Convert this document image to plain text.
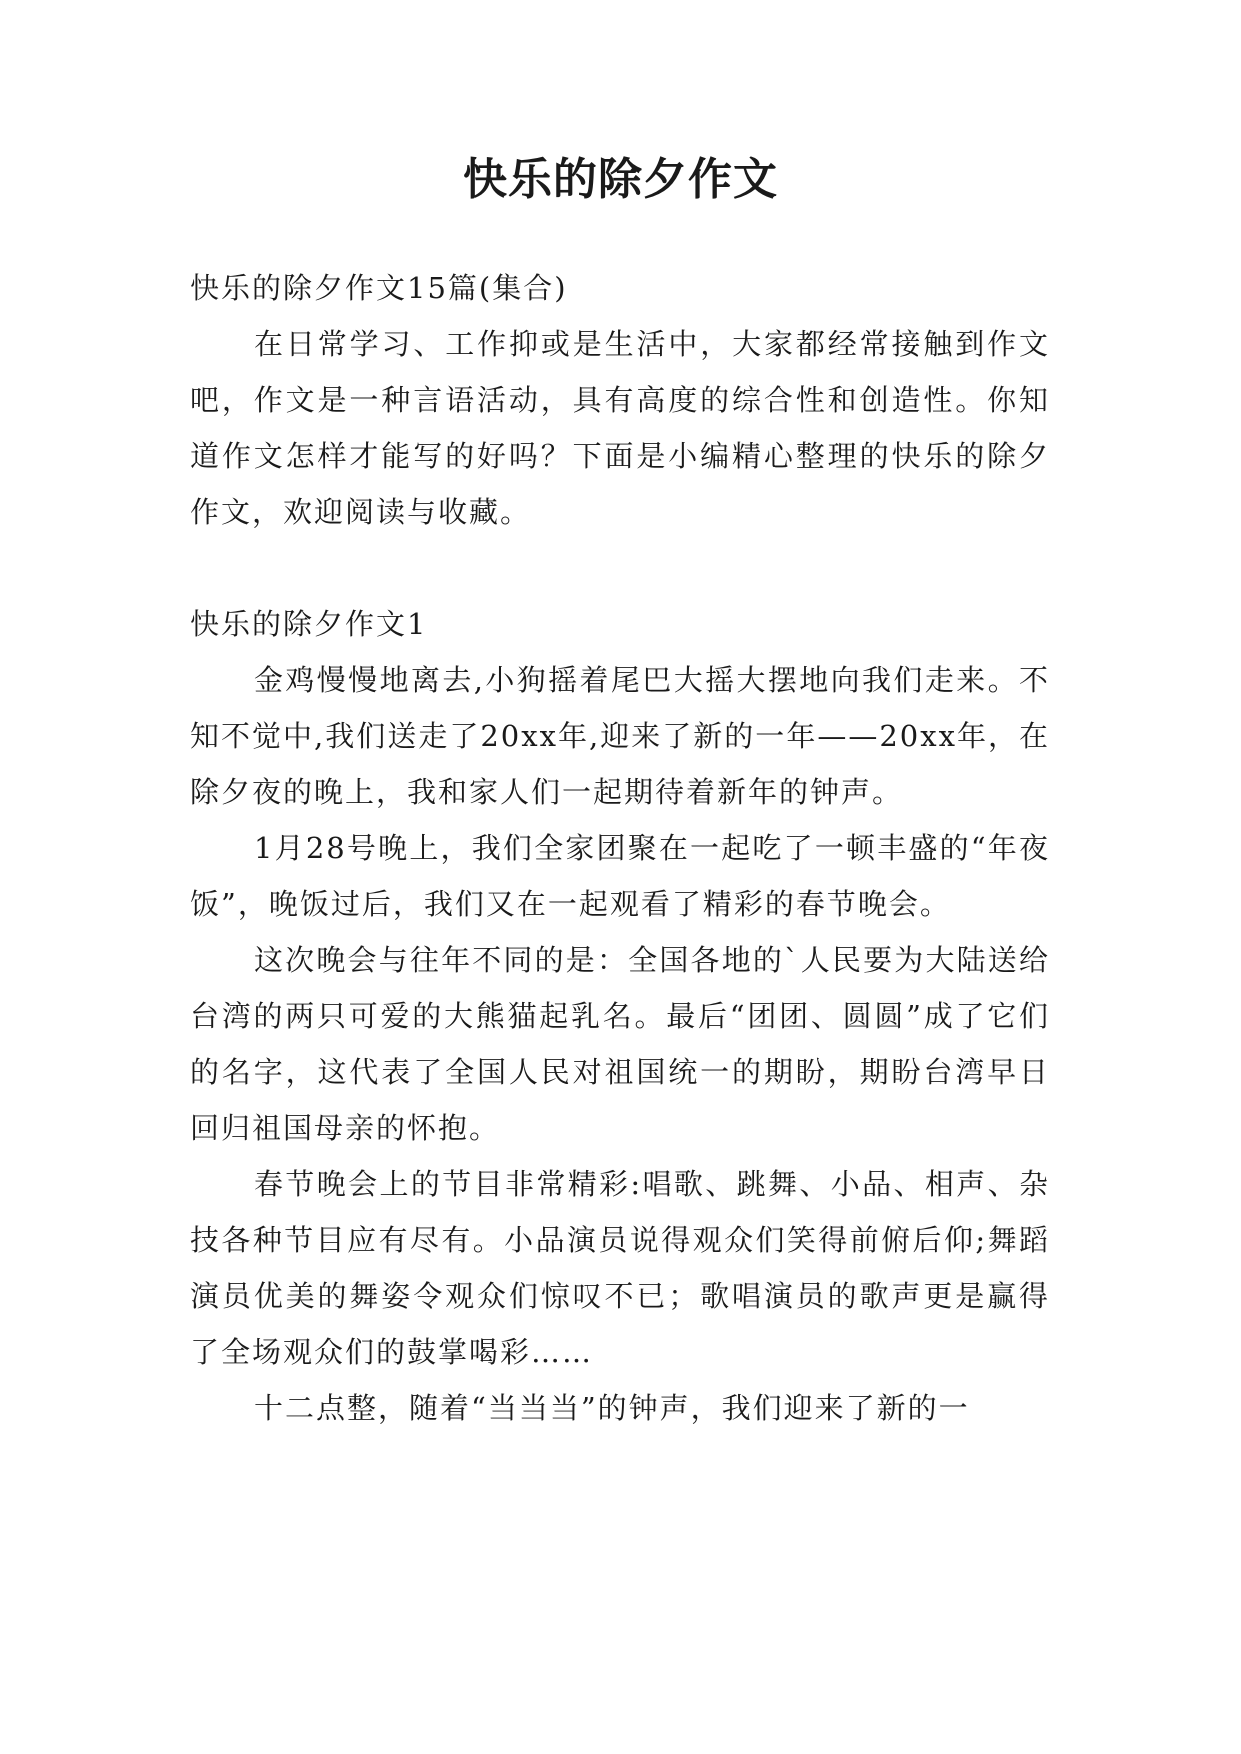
快乐的除夕作文

快乐的除夕作文15篇(集合)

在日常学习、工作抑或是生活中，大家都经常接触到作文吧，作文是一种言语活动，具有高度的综合性和创造性。你知道作文怎样才能写的好吗？下面是小编精心整理的快乐的除夕作文，欢迎阅读与收藏。

快乐的除夕作文1

金鸡慢慢地离去,小狗摇着尾巴大摇大摆地向我们走来。不知不觉中,我们送走了20xx年,迎来了新的一年——20xx年，在除夕夜的晚上，我和家人们一起期待着新年的钟声。

1月28号晚上，我们全家团聚在一起吃了一顿丰盛的“年夜饭”，晚饭过后，我们又在一起观看了精彩的春节晚会。

这次晚会与往年不同的是：全国各地的`人民要为大陆送给台湾的两只可爱的大熊猫起乳名。最后“团团、圆圆”成了它们的名字，这代表了全国人民对祖国统一的期盼，期盼台湾早日回归祖国母亲的怀抱。

春节晚会上的节目非常精彩:唱歌、跳舞、小品、相声、杂技各种节目应有尽有。小品演员说得观众们笑得前俯后仰;舞蹈演员优美的舞姿令观众们惊叹不已；歌唱演员的歌声更是赢得了全场观众们的鼓掌喝彩……

十二点整，随着“当当当”的钟声，我们迎来了新的一
